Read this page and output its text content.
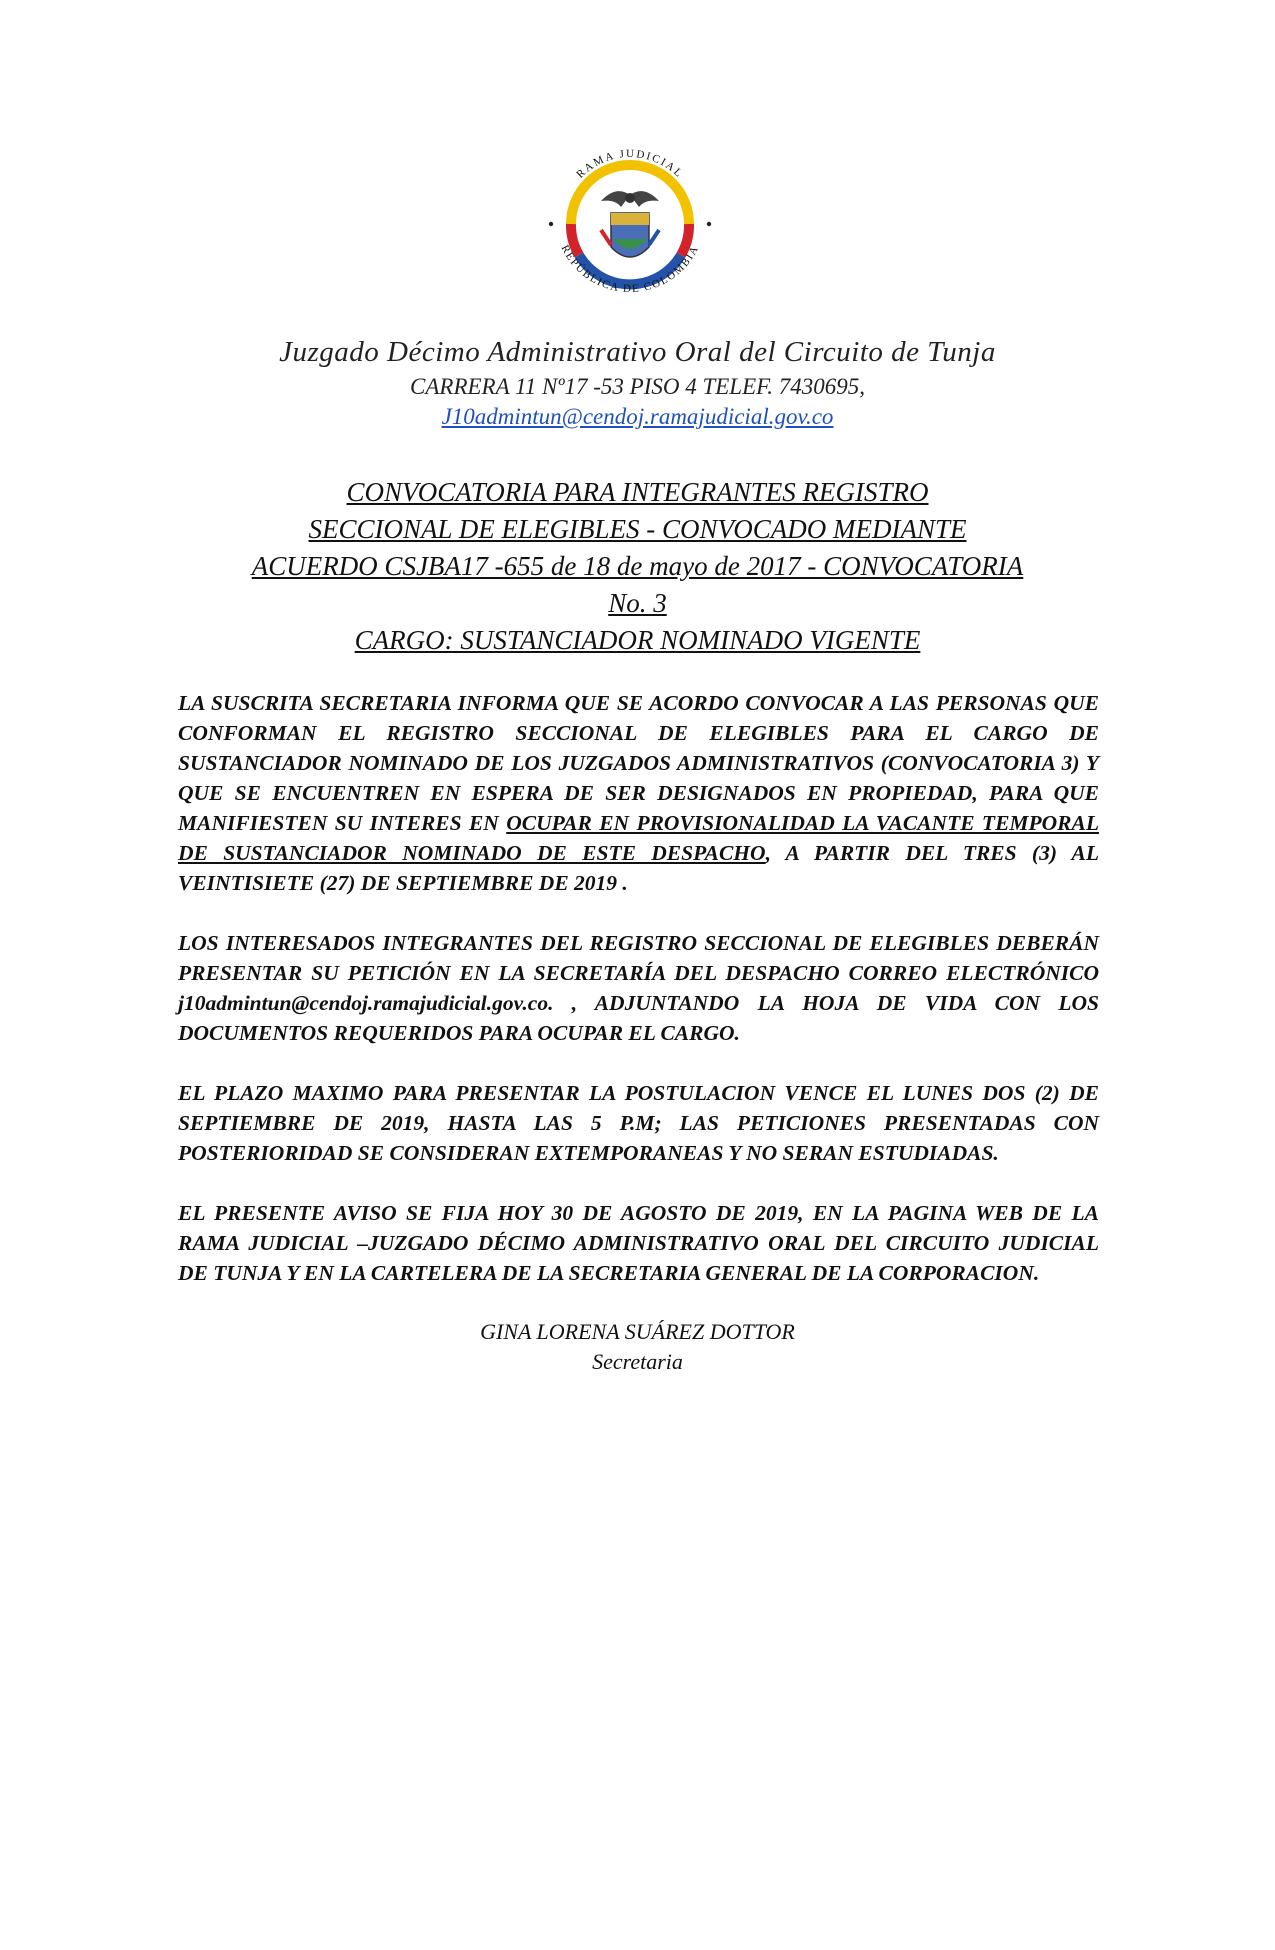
RAMA JUDICIAL
REPÚBLICA DE COLOMBIA
Juzgado Décimo Administrativo Oral del Circuito de Tunja
CARRERA 11 Nº17 -53 PISO 4 TELEF. 7430695,
J10admintun@cendoj.ramajudicial.gov.co
CONVOCATORIA PARA INTEGRANTES REGISTRO
SECCIONAL DE ELEGIBLES - CONVOCADO MEDIANTE
ACUERDO CSJBA17 -655 de 18 de mayo de 2017 - CONVOCATORIA
No. 3
CARGO: SUSTANCIADOR NOMINADO VIGENTE

LA SUSCRITA SECRETARIA INFORMA QUE SE ACORDO CONVOCAR A LAS PERSONAS QUE CONFORMAN EL REGISTRO SECCIONAL DE ELEGIBLES PARA EL CARGO DE SUSTANCIADOR NOMINADO DE LOS JUZGADOS ADMINISTRATIVOS (CONVOCATORIA 3) Y QUE SE ENCUENTREN EN ESPERA DE SER DESIGNADOS EN PROPIEDAD, PARA QUE MANIFIESTEN SU INTERES EN OCUPAR EN PROVISIONALIDAD LA VACANTE TEMPORAL DE SUSTANCIADOR NOMINADO DE ESTE DESPACHO, A PARTIR DEL TRES (3) AL VEINTISIETE (27) DE SEPTIEMBRE DE 2019 .

LOS INTERESADOS INTEGRANTES DEL REGISTRO SECCIONAL DE ELEGIBLES DEBERÁN PRESENTAR SU PETICIÓN EN LA SECRETARÍA DEL DESPACHO CORREO ELECTRÓNICO j10admintun@cendoj.ramajudicial.gov.co. , ADJUNTANDO LA HOJA DE VIDA CON LOS DOCUMENTOS REQUERIDOS PARA OCUPAR EL CARGO.

EL PLAZO MAXIMO PARA PRESENTAR LA POSTULACION VENCE EL LUNES DOS (2) DE SEPTIEMBRE DE 2019, HASTA LAS 5 P.M; LAS PETICIONES PRESENTADAS CON POSTERIORIDAD SE CONSIDERAN EXTEMPORANEAS Y NO SERAN ESTUDIADAS.

EL PRESENTE AVISO SE FIJA HOY 30 DE AGOSTO DE 2019, EN LA PAGINA WEB DE LA RAMA JUDICIAL –JUZGADO DÉCIMO ADMINISTRATIVO ORAL DEL CIRCUITO JUDICIAL DE TUNJA Y EN LA CARTELERA DE LA SECRETARIA GENERAL DE LA CORPORACION.

GINA LORENA SUÁREZ DOTTOR
Secretaria
